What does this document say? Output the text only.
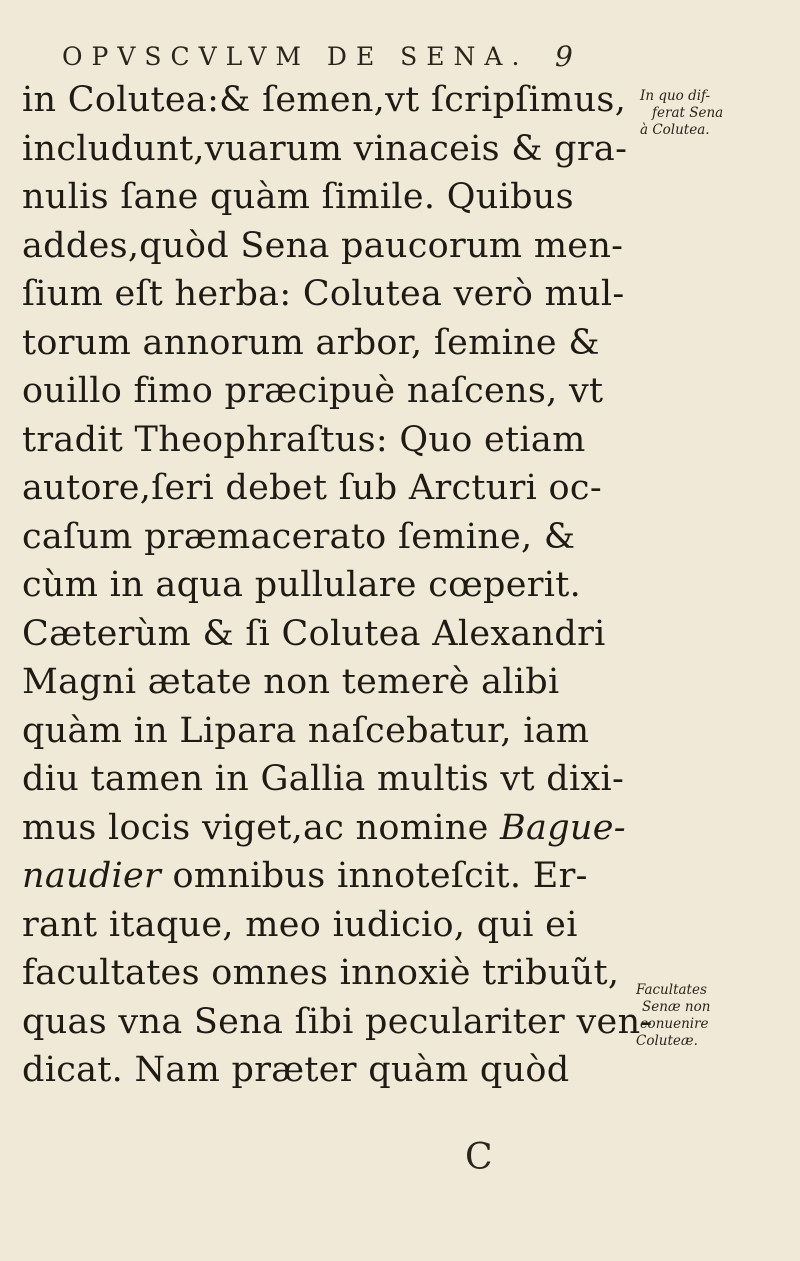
OPVSCVLVM DE SENA. 9
in Colutea:& ſemen,vt ſcripſimus,
includunt,vuarum vinaceis & gra-
nulis ſane quàm ſimile. Quibus
addes,quòd Sena paucorum men-
ſium eſt herba: Colutea verò mul-
torum annorum arbor, ſemine &
ouillo fimo præcipuè naſcens, vt
tradit Theophraſtus: Quo etiam
autore,ſeri debet ſub Arcturi oc-
caſum præmacerato ſemine, &
cùm in aqua pullulare cœperit.
Cæterùm & ſi Colutea Alexandri
Magni ætate non temerè alibi
quàm in Lipara naſcebatur, iam
diu tamen in Gallia multis vt dixi-
mus locis viget,ac nomine Bague-
naudier omnibus innoteſcit. Er-
rant itaque, meo iudicio, qui ei
facultates omnes innoxiè tribuũt,
quas vna Sena ſibi peculariter ven-
dicat. Nam præter quàm quòd
C
In quo dif-
ferat Sena
à Colutea.
Facultates
Senæ non
conuenire
Coluteæ.
